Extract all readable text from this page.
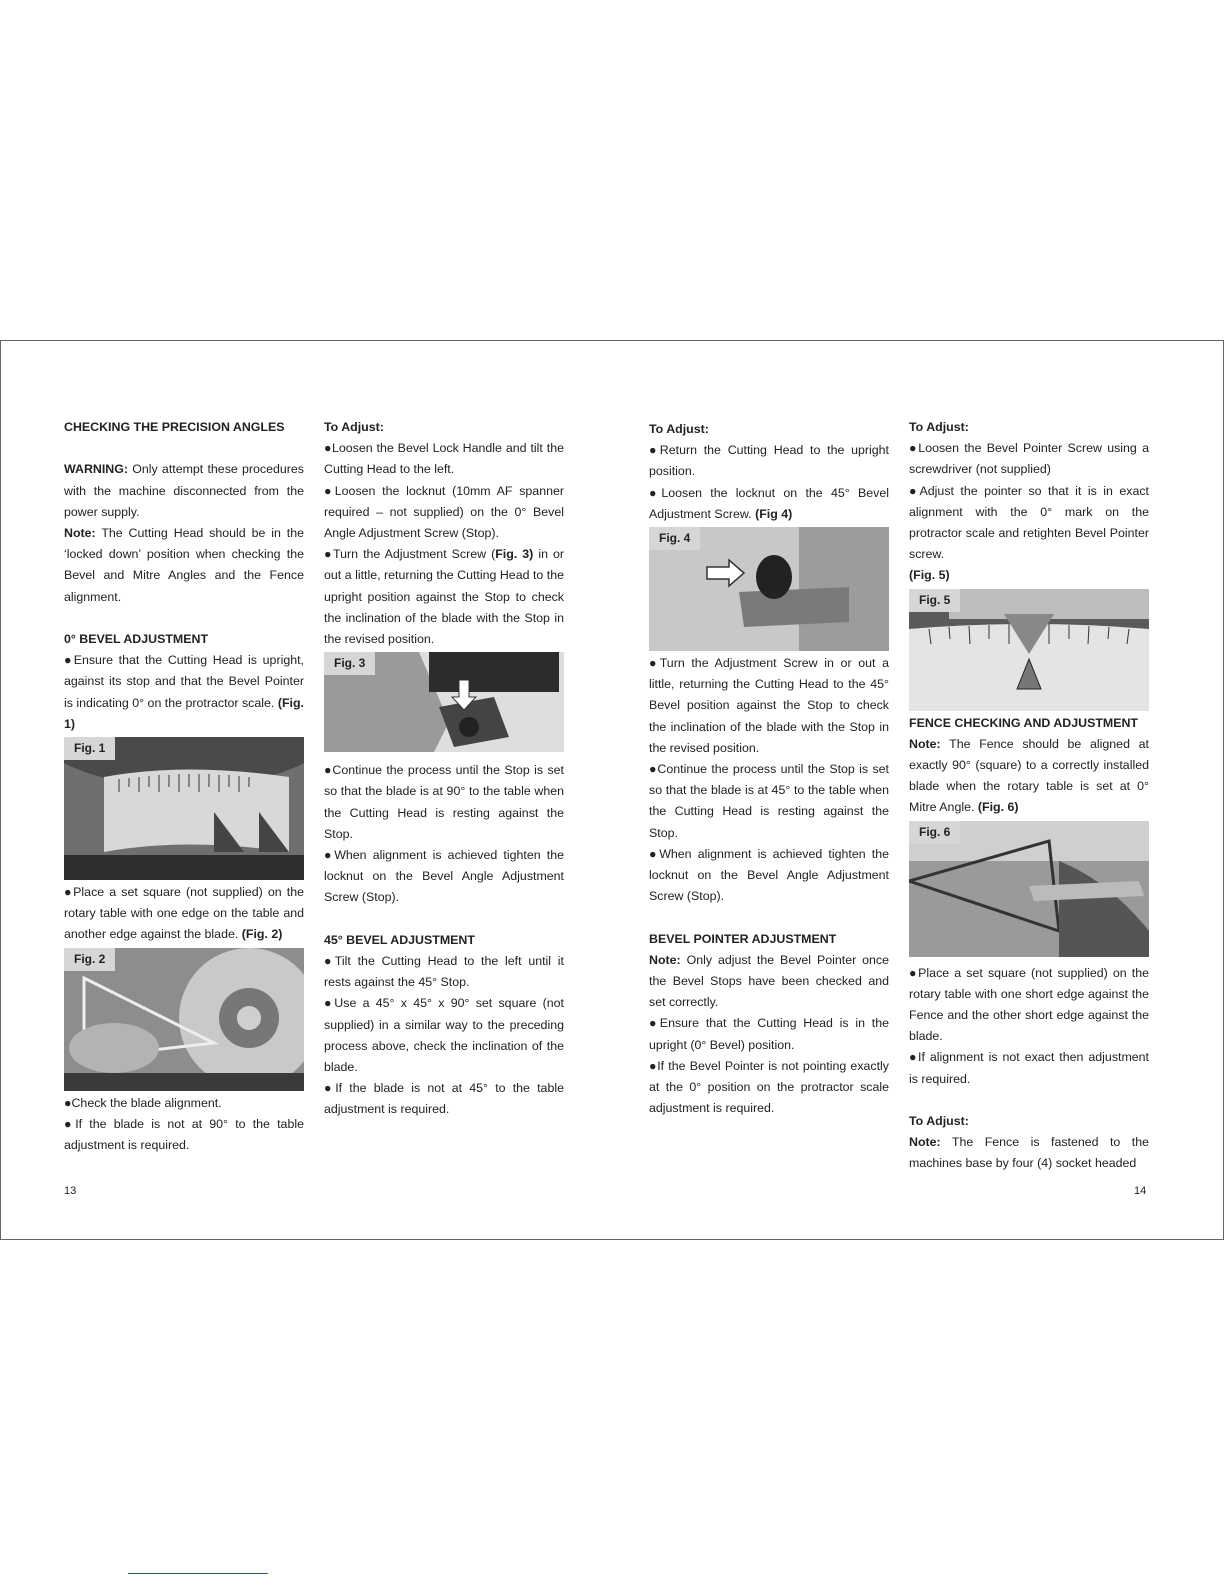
CHECKING THE PRECISION ANGLES

WARNING: Only attempt these procedures with the machine disconnected from the power supply.

Note: The Cutting Head should be in the ‘locked down’ position when checking the Bevel and Mitre Angles and the Fence alignment.

0° BEVEL ADJUSTMENT

●Ensure that the Cutting Head is upright, against its stop and that the Bevel Pointer is indicating 0° on the protractor scale. (Fig. 1)

Fig. 1

●Place a set square (not supplied) on the rotary table with one edge on the table and another edge against the blade. (Fig. 2)

Fig. 2

●Check the blade alignment.

●If the blade is not at 90° to the table adjustment is required.

To Adjust:

●Loosen the Bevel Lock Handle and tilt the Cutting Head to the left.

●Loosen the locknut (10mm AF spanner required – not supplied) on the 0° Bevel Angle Adjustment Screw (Stop).

●Turn the Adjustment Screw (Fig. 3) in or out a little, returning the Cutting Head to the upright position against the Stop to check the inclination of the blade with the Stop in the revised position.

Fig. 3

●Continue the process until the Stop is set so that the blade is at 90° to the table when the Cutting Head is resting against the Stop.

●When alignment is achieved tighten the locknut on the Bevel Angle Adjustment Screw (Stop).

45° BEVEL ADJUSTMENT

●Tilt the Cutting Head to the left until it rests against the 45° Stop.

●Use a 45° x 45° x 90° set square (not supplied) in a similar way to the preceding process above, check the inclination of the blade.

●If the blade is not at 45° to the table adjustment is required.

To Adjust:

●Return the Cutting Head to the upright position.

●Loosen the locknut on the 45° Bevel Adjustment Screw. (Fig 4)

Fig. 4

●Turn the Adjustment Screw in or out a little, returning the Cutting Head to the 45° Bevel position against the Stop to check the inclination of the blade with the Stop in the revised position.

●Continue the process until the Stop is set so that the blade is at 45° to the table when the Cutting Head is resting against the Stop.

●When alignment is achieved tighten the locknut on the Bevel Angle Adjustment Screw (Stop).

BEVEL POINTER ADJUSTMENT

Note: Only adjust the Bevel Pointer once the Bevel Stops have been checked and set correctly.

●Ensure that the Cutting Head is in the upright (0° Bevel) position.

●If the Bevel Pointer is not pointing exactly at the 0° position on the protractor scale adjustment is required.

To Adjust:

●Loosen the Bevel Pointer Screw using a screwdriver (not supplied)

●Adjust the pointer so that it is in exact alignment with the 0° mark on the protractor scale and retighten Bevel Pointer screw.

(Fig. 5)

Fig. 5

FENCE CHECKING AND ADJUSTMENT

Note: The Fence should be aligned at exactly 90° (square) to a correctly installed blade when the rotary table is set at 0° Mitre Angle. (Fig. 6)

Fig. 6

●Place a set square (not supplied) on the rotary table with one short edge against the Fence and the other short edge against the blade.

●If alignment is not exact then adjustment is required.

To Adjust:

Note: The Fence is fastened to the machines base by four (4) socket headed

13	14
